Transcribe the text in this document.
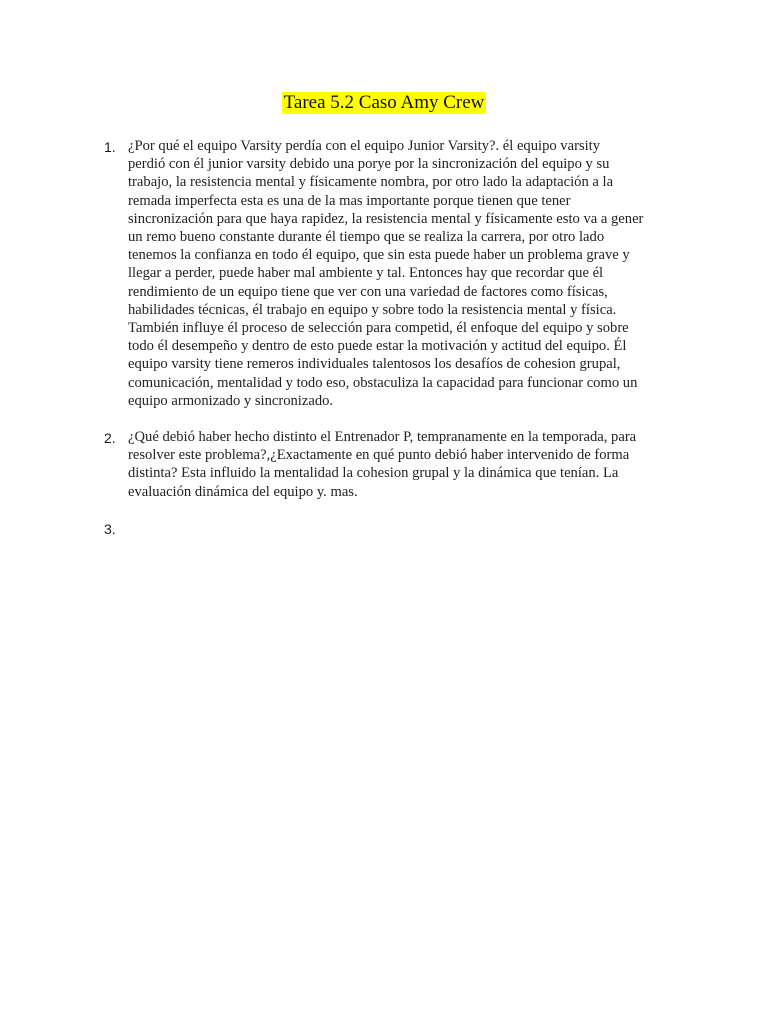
Tarea 5.2 Caso Amy Crew
1. ¿Por qué el equipo Varsity perdía con el equipo Junior Varsity?. él equipo varsity
perdió con él junior varsity debido una porye por la sincronización del equipo y su
trabajo, la resistencia mental y físicamente nombra, por otro lado la adaptación a la
remada imperfecta esta es una de la mas importante porque tienen que tener
sincronización para que haya rapidez, la resistencia mental y físicamente esto va a gener
un remo bueno constante durante él tiempo que se realiza la carrera, por otro lado
tenemos la confianza en todo él equipo, que sin esta puede haber un problema grave y
llegar a perder, puede haber mal ambiente y tal. Entonces hay que recordar que él
rendimiento de un equipo tiene que ver con una variedad de factores como físicas,
habilidades técnicas, él trabajo en equipo y sobre todo la resistencia mental y física.
También influye él proceso de selección para competid, él enfoque del equipo y sobre
todo él desempeño y dentro de esto puede estar la motivación y actitud del equipo. Él
equipo varsity tiene remeros individuales talentosos los desafíos de cohesion grupal,
comunicación, mentalidad y todo eso, obstaculiza la capacidad para funcionar como un
equipo armonizado y sincronizado.
2. ¿Qué debió haber hecho distinto el Entrenador P, tempranamente en la temporada, para
resolver este problema?,¿Exactamente en qué punto debió haber intervenido de forma
distinta? Esta influido la mentalidad la cohesion grupal y la dinámica que tenían. La
evaluación dinámica del equipo y. mas.
3.
